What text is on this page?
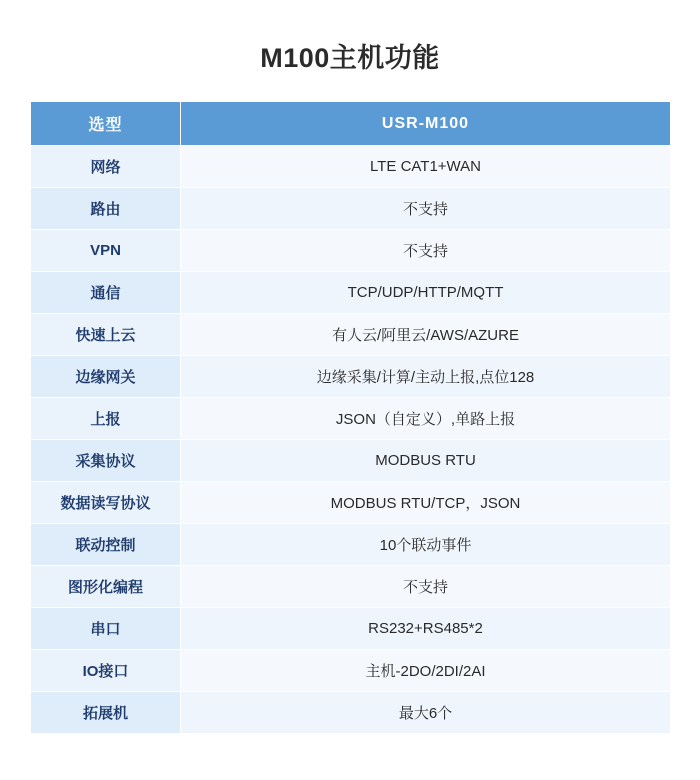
M100主机功能
选型	USR-M100
网络	LTE CAT1+WAN
路由	不支持
VPN	不支持
通信	TCP/UDP/HTTP/MQTT
快速上云	有人云/阿里云/AWS/AZURE
边缘网关	边缘采集/计算/主动上报,点位128
上报	JSON（自定义）,单路上报
采集协议	MODBUS RTU
数据读写协议	MODBUS RTU/TCP，JSON
联动控制	10个联动事件
图形化编程	不支持
串口	RS232+RS485*2
IO接口	主机-2DO/2DI/2AI
拓展机	最大6个
